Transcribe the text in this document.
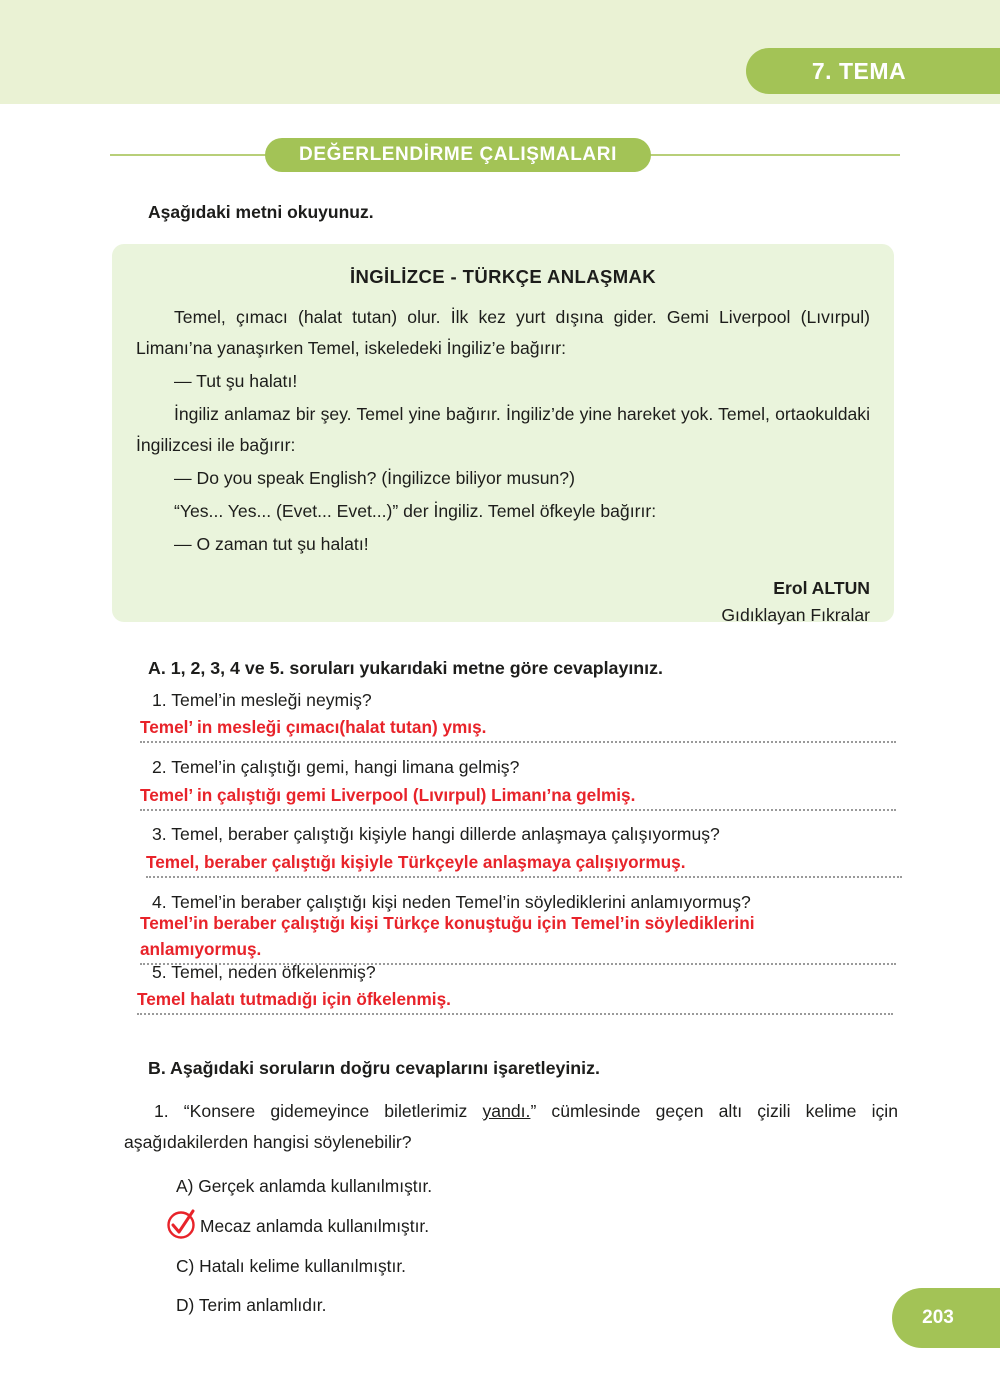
7. TEMA
DEĞERLENDİRME ÇALIŞMALARI
Aşağıdaki metni okuyunuz.
İNGİLİZCE - TÜRKÇE ANLAŞMAK

Temel, çımacı (halat tutan) olur. İlk kez yurt dışına gider. Gemi Liverpool (Lıvırpul) Limanı’na yanaşırken Temel, iskeledeki İngiliz’e bağırır:

— Tut şu halatı!

İngiliz anlamaz bir şey. Temel yine bağırır. İngiliz’de yine hareket yok. Temel, ortaokuldaki İngilizcesi ile bağırır:

— Do you speak English? (İngilizce biliyor musun?)

“Yes... Yes... (Evet... Evet...)” der İngiliz. Temel öfkeyle bağırır:

— O zaman tut şu halatı!

Erol ALTUN
Gıdıklayan Fıkralar
A. 1, 2, 3, 4 ve 5. soruları yukarıdaki metne göre cevaplayınız.
1. Temel’in mesleği neymiş?
Temel’ in mesleği çımacı(halat tutan) ymış.
2. Temel’in çalıştığı gemi, hangi limana gelmiş?
Temel’ in çalıştığı gemi Liverpool (Lıvırpul) Limanı’na gelmiş.
3. Temel, beraber çalıştığı kişiyle hangi dillerde anlaşmaya çalışıyormuş?
Temel, beraber çalıştığı kişiyle Türkçeyle anlaşmaya çalışıyormuş.
4. Temel’in beraber çalıştığı kişi neden Temel’in söylediklerini anlamıyormuş?
Temel’in beraber çalıştığı kişi Türkçe konuştuğu için Temel’in söylediklerini
anlamıyormuş.
5. Temel, neden öfkelenmiş?
Temel halatı tutmadığı için öfkelenmiş.
B. Aşağıdaki soruların doğru cevaplarını işaretleyiniz.
1. “Konsere gidemeyince biletlerimiz yandı.” cümlesinde geçen altı çizili kelime için aşağıdakilerden hangisi söylenebilir?
A) Gerçek anlamda kullanılmıştır.
Mecaz anlamda kullanılmıştır.
C) Hatalı kelime kullanılmıştır.
D) Terim anlamlıdır.
203
